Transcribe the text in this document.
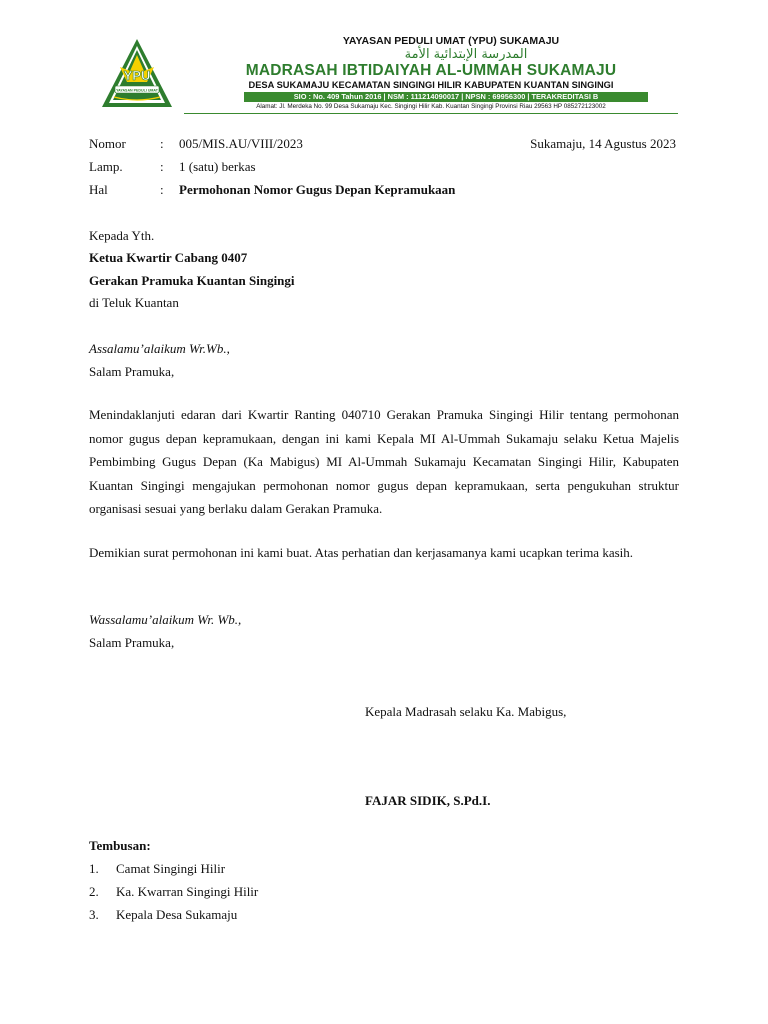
YPU
YAYASAN PEDULI UMAT
YAYASAN PEDULI UMAT (YPU) SUKAMAJU
المدرسة الإبتدائية الأمة
MADRASAH IBTIDAIYAH AL-UMMAH SUKAMAJU
DESA SUKAMAJU KECAMATAN SINGINGI HILIR KABUPATEN KUANTAN SINGINGI
SIO : No. 409 Tahun 2016 | NSM : 111214090017 | NPSN : 69956300 | TERAKREDITASI B
Alamat: Jl. Merdeka No. 99 Desa Sukamaju Kec. Singingi Hilir Kab. Kuantan Singingi Provinsi Riau 29563 HP 085272123002
Nomor	: 005/MIS.AU/VIII/2023	Sukamaju, 14 Agustus 2023
Lamp.	: 1 (satu) berkas
Hal	: Permohonan Nomor Gugus Depan Kepramukaan
Kepada Yth.
Ketua Kwartir Cabang 0407
Gerakan Pramuka Kuantan Singingi
di Teluk Kuantan
Assalamu’alaikum Wr.Wb.,
Salam Pramuka,

Menindaklanjuti edaran dari Kwartir Ranting 040710 Gerakan Pramuka Singingi Hilir tentang permohonan nomor gugus depan kepramukaan, dengan ini kami Kepala MI Al-Ummah Sukamaju selaku Ketua Majelis Pembimbing Gugus Depan (Ka Mabigus) MI Al-Ummah Sukamaju Kecamatan Singingi Hilir, Kabupaten Kuantan Singingi mengajukan permohonan nomor gugus depan kepramukaan, serta pengukuhan struktur organisasi sesuai yang berlaku dalam Gerakan Pramuka.

Demikian surat permohonan ini kami buat. Atas perhatian dan kerjasamanya kami ucapkan terima kasih.

Wassalamu’alaikum Wr. Wb.,
Salam Pramuka,
Kepala Madrasah selaku Ka. Mabigus,
FAJAR SIDIK, S.Pd.I.
Tembusan:
1. Camat Singingi Hilir
2. Ka. Kwarran Singingi Hilir
3. Kepala Desa Sukamaju
